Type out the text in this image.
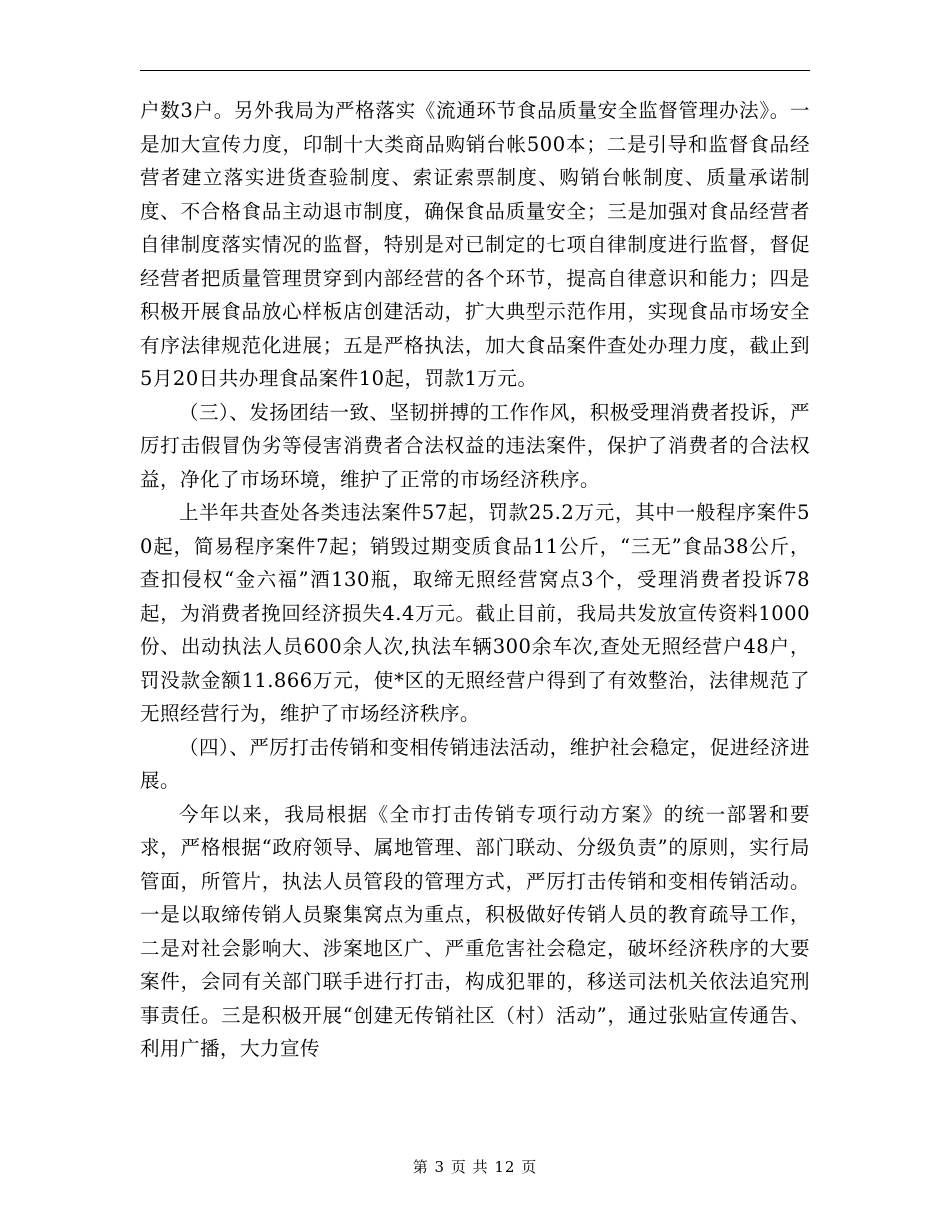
户数3户。另外我局为严格落实《流通环节食品质量安全监督管理办法》。一是加大宣传力度，印制十大类商品购销台帐500本；二是引导和监督食品经营者建立落实进货查验制度、索证索票制度、购销台帐制度、质量承诺制度、不合格食品主动退市制度，确保食品质量安全；三是加强对食品经营者自律制度落实情况的监督，特别是对已制定的七项自律制度进行监督，督促经营者把质量管理贯穿到内部经营的各个环节，提高自律意识和能力；四是积极开展食品放心样板店创建活动，扩大典型示范作用，实现食品市场安全有序法律规范化进展；五是严格执法，加大食品案件查处办理力度，截止到5月20日共办理食品案件10起，罚款1万元。

（三）、发扬团结一致、坚韧拼搏的工作作风，积极受理消费者投诉，严厉打击假冒伪劣等侵害消费者合法权益的违法案件，保护了消费者的合法权益，净化了市场环境，维护了正常的市场经济秩序。

上半年共查处各类违法案件57起，罚款25.2万元，其中一般程序案件50起，简易程序案件7起；销毁过期变质食品11公斤，“三无”食品38公斤，查扣侵权“金六福”酒130瓶，取缔无照经营窝点3个，受理消费者投诉78起，为消费者挽回经济损失4.4万元。截止目前，我局共发放宣传资料1000份、出动执法人员600余人次,执法车辆300余车次,查处无照经营户48户，罚没款金额11.866万元，使*区的无照经营户得到了有效整治，法律规范了无照经营行为，维护了市场经济秩序。

（四）、严厉打击传销和变相传销违法活动，维护社会稳定，促进经济进展。

今年以来，我局根据《全市打击传销专项行动方案》的统一部署和要求，严格根据“政府领导、属地管理、部门联动、分级负责”的原则，实行局管面，所管片，执法人员管段的管理方式，严厉打击传销和变相传销活动。一是以取缔传销人员聚集窝点为重点，积极做好传销人员的教育疏导工作，二是对社会影响大、涉案地区广、严重危害社会稳定，破坏经济秩序的大要案件，会同有关部门联手进行打击，构成犯罪的，移送司法机关依法追究刑事责任。三是积极开展“创建无传销社区（村）活动”，通过张贴宣传通告、利用广播，大力宣传

第 3 页 共 12 页
